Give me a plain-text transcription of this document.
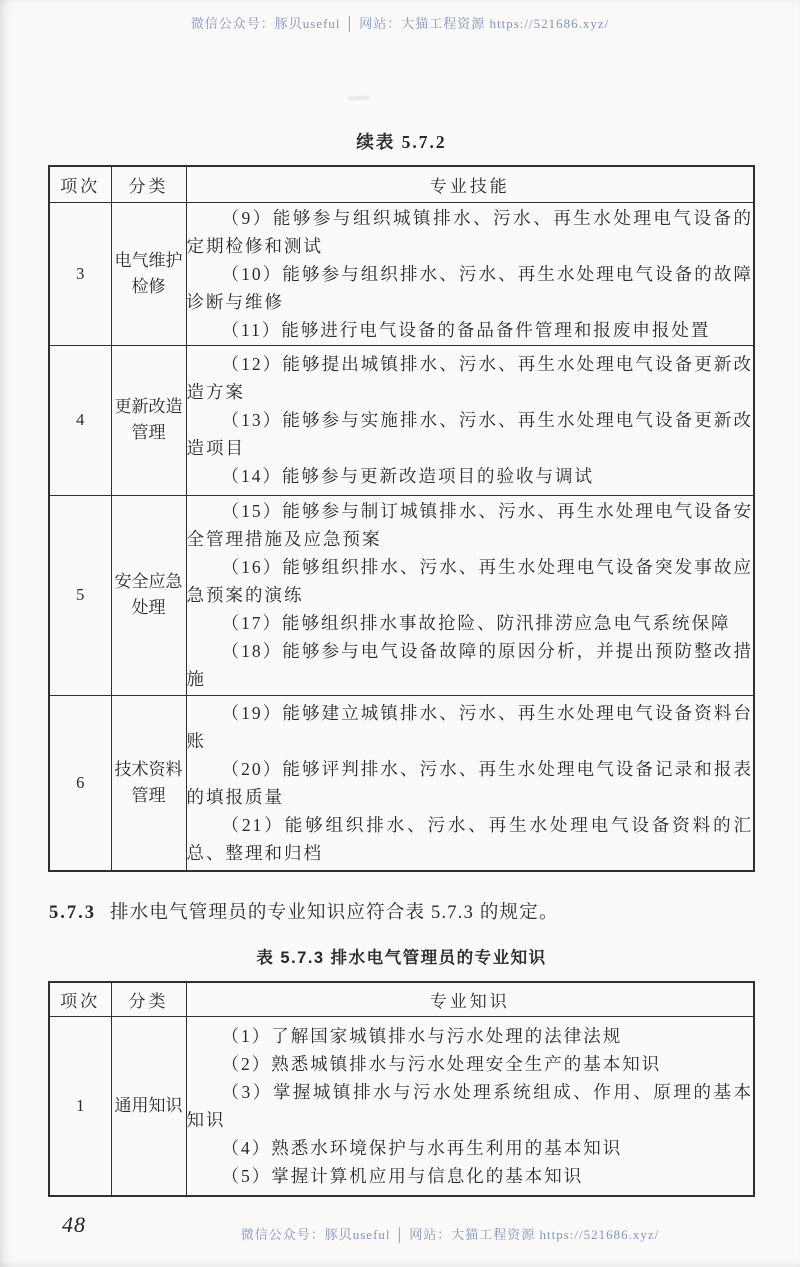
微信公众号：豚贝useful │ 网站：大猫工程资源 https://521686.xyz/
续表 5.7.2
项次	分类	专业技能
3	电气维护检修	（9）能够参与组织城镇排水、污水、再生水处理电气设备的定期检修和测试

（10）能够参与组织排水、污水、再生水处理电气设备的故障诊断与维修

（11）能够进行电气设备的备品备件管理和报废申报处置

4	更新改造管理	（12）能够提出城镇排水、污水、再生水处理电气设备更新改造方案

（13）能够参与实施排水、污水、再生水处理电气设备更新改造项目

（14）能够参与更新改造项目的验收与调试

5	安全应急处理	（15）能够参与制订城镇排水、污水、再生水处理电气设备安全管理措施及应急预案

（16）能够组织排水、污水、再生水处理电气设备突发事故应急预案的演练

（17）能够组织排水事故抢险、防汛排涝应急电气系统保障

（18）能够参与电气设备故障的原因分析，并提出预防整改措施

6	技术资料管理	（19）能够建立城镇排水、污水、再生水处理电气设备资料台账

（20）能够评判排水、污水、再生水处理电气设备记录和报表的填报质量

（21）能够组织排水、污水、再生水处理电气设备资料的汇总、整理和归档

5.7.3 排水电气管理员的专业知识应符合表 5.7.3 的规定。
表 5.7.3 排水电气管理员的专业知识
项次	分类	专业知识
1	通用知识	（1）了解国家城镇排水与污水处理的法律法规

（2）熟悉城镇排水与污水处理安全生产的基本知识

（3）掌握城镇排水与污水处理系统组成、作用、原理的基本知识

（4）熟悉水环境保护与水再生利用的基本知识

（5）掌握计算机应用与信息化的基本知识

48	微信公众号：豚贝useful │ 网站：大猫工程资源 https://521686.xyz/
